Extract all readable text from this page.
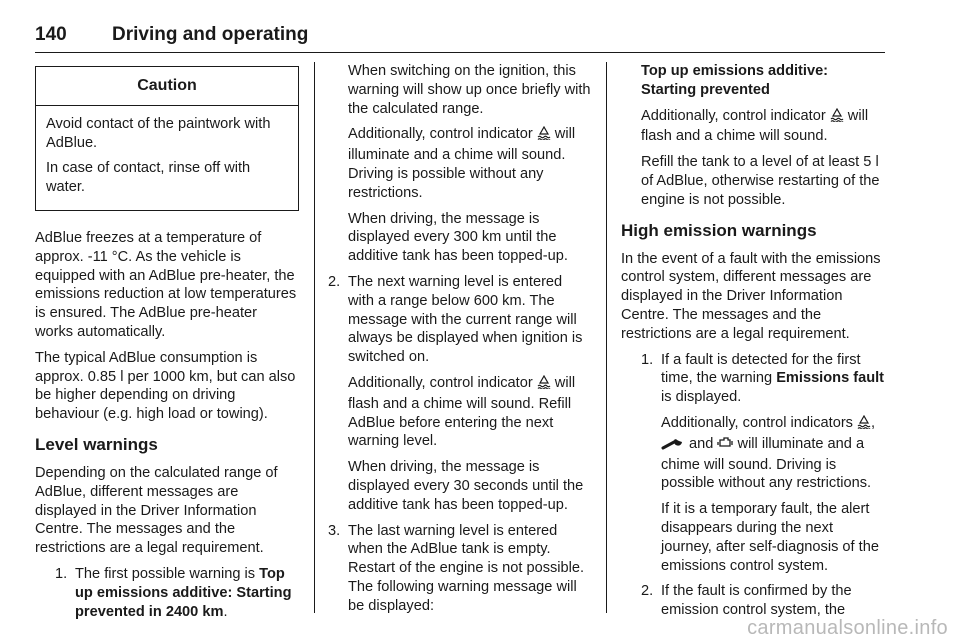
140 Driving and operating
Caution

Avoid contact of the paintwork with AdBlue.

In case of contact, rinse off with water.

AdBlue freezes at a temperature of approx. -11 °C. As the vehicle is equipped with an AdBlue pre-heater, the emissions reduction at low temperatures is ensured. The AdBlue pre-heater works automatically.

The typical AdBlue consumption is approx. 0.85 l per 1000 km, but can also be higher depending on driving behaviour (e.g. high load or towing).

Level warnings

Depending on the calculated range of AdBlue, different messages are displayed in the Driver Information Centre. The messages and the restrictions are a legal requirement.

1. The first possible warning is Top up emissions additive: Starting prevented in 2400 km.

When switching on the ignition, this warning will show up once briefly with the calculated range.

Additionally, control indicator  will illuminate and a chime will sound. Driving is possible without any restrictions.

When driving, the message is displayed every 300 km until the additive tank has been topped-up.

2. The next warning level is entered with a range below 600 km. The message with the current range will always be displayed when ignition is switched on.

Additionally, control indicator  will flash and a chime will sound. Refill AdBlue before entering the next warning level.

When driving, the message is displayed every 30 seconds until the additive tank has been topped-up.

3. The last warning level is entered when the AdBlue tank is empty. Restart of the engine is not possible. The following warning message will be displayed:

Top up emissions additive: Starting prevented

Additionally, control indicator  will flash and a chime will sound.

Refill the tank to a level of at least 5 l of AdBlue, otherwise restarting of the engine is not possible.

High emission warnings

In the event of a fault with the emissions control system, different messages are displayed in the Driver Information Centre. The messages and the restrictions are a legal requirement.

1. If a fault is detected for the first time, the warning Emissions fault is displayed.

Additionally, control indicators ,
and  will illuminate and a chime will sound. Driving is possible without any restrictions.

If it is a temporary fault, the alert disappears during the next journey, after self-diagnosis of the emissions control system.

2. If the fault is confirmed by the emission control system, the

carmanualsonline.info
